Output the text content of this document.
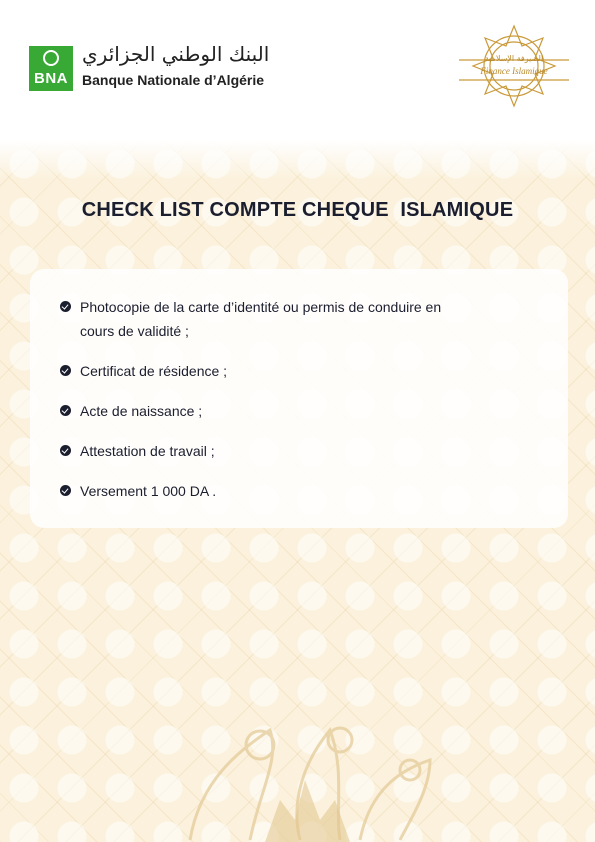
BNA
البنك الوطني الجزائري
Banque Nationale d’Algérie
الصيرفة الإسلامية
Finance Islamique
CHECK LIST COMPTE CHEQUE  ISLAMIQUE
Photocopie de la carte d’identité ou permis de conduire en
cours de validité ;
Certificat de résidence ;
Acte de naissance ;
Attestation de travail ;
Versement 1 000 DA .
